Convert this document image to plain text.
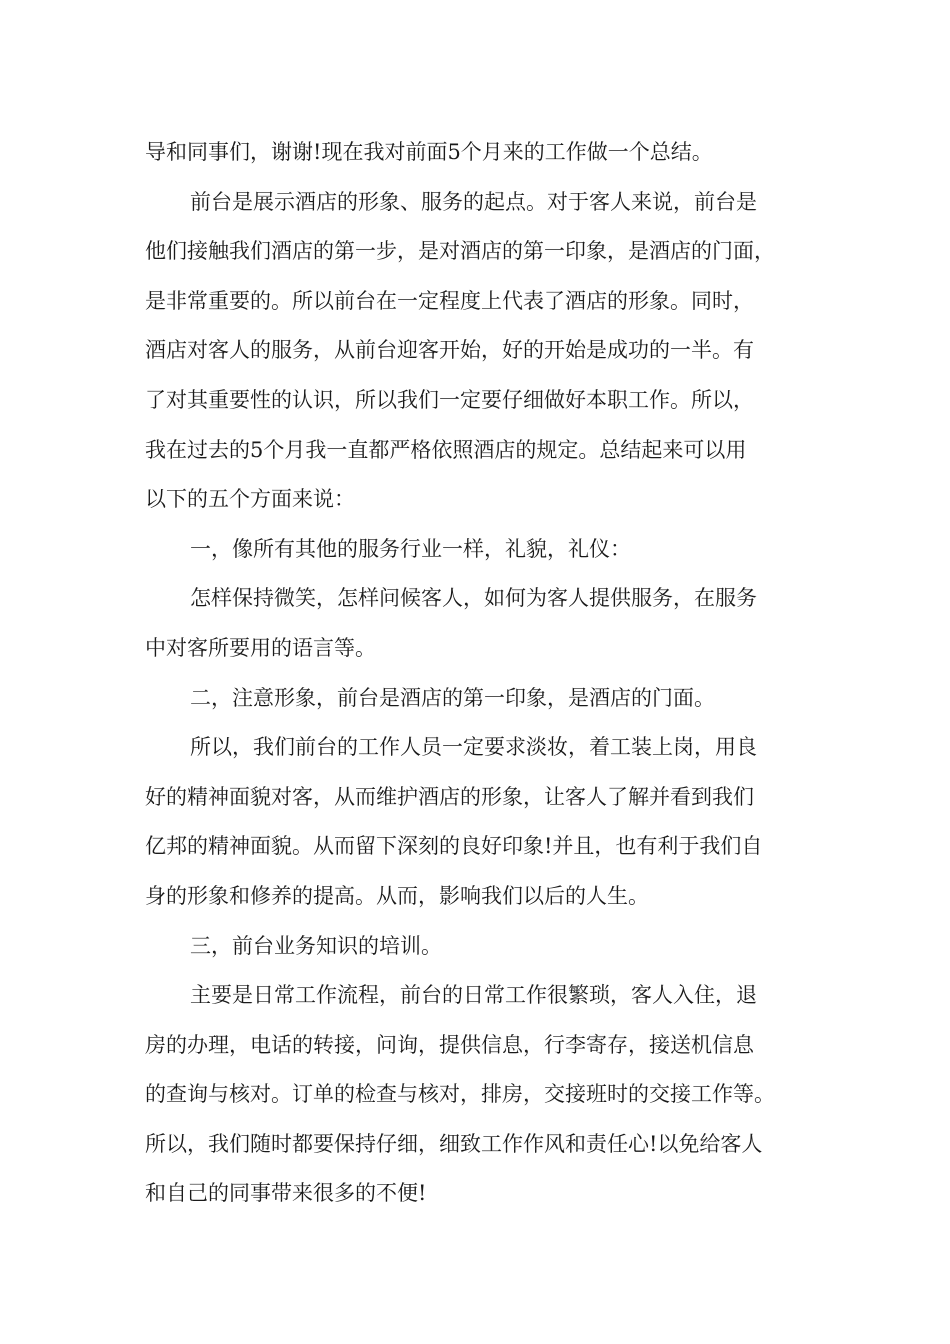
导和同事们，谢谢!现在我对前面5个月来的工作做一个总结。
前台是展示酒店的形象、服务的起点。对于客人来说，前台是
他们接触我们酒店的第一步，是对酒店的第一印象，是酒店的门面，
是非常重要的。所以前台在一定程度上代表了酒店的形象。同时，
酒店对客人的服务，从前台迎客开始，好的开始是成功的一半。有
了对其重要性的认识，所以我们一定要仔细做好本职工作。所以，
我在过去的5个月我一直都严格依照酒店的规定。总结起来可以用
以下的五个方面来说：
一，像所有其他的服务行业一样，礼貌，礼仪：
怎样保持微笑，怎样问候客人，如何为客人提供服务，在服务
中对客所要用的语言等。
二，注意形象，前台是酒店的第一印象，是酒店的门面。
所以，我们前台的工作人员一定要求淡妆，着工装上岗，用良
好的精神面貌对客，从而维护酒店的形象，让客人了解并看到我们
亿邦的精神面貌。从而留下深刻的良好印象!并且，也有利于我们自
身的形象和修养的提高。从而，影响我们以后的人生。
三，前台业务知识的培训。
主要是日常工作流程，前台的日常工作很繁琐，客人入住，退
房的办理，电话的转接，问询，提供信息，行李寄存，接送机信息
的查询与核对。订单的检查与核对，排房，交接班时的交接工作等。
所以，我们随时都要保持仔细，细致工作作风和责任心!以免给客人
和自己的同事带来很多的不便!
